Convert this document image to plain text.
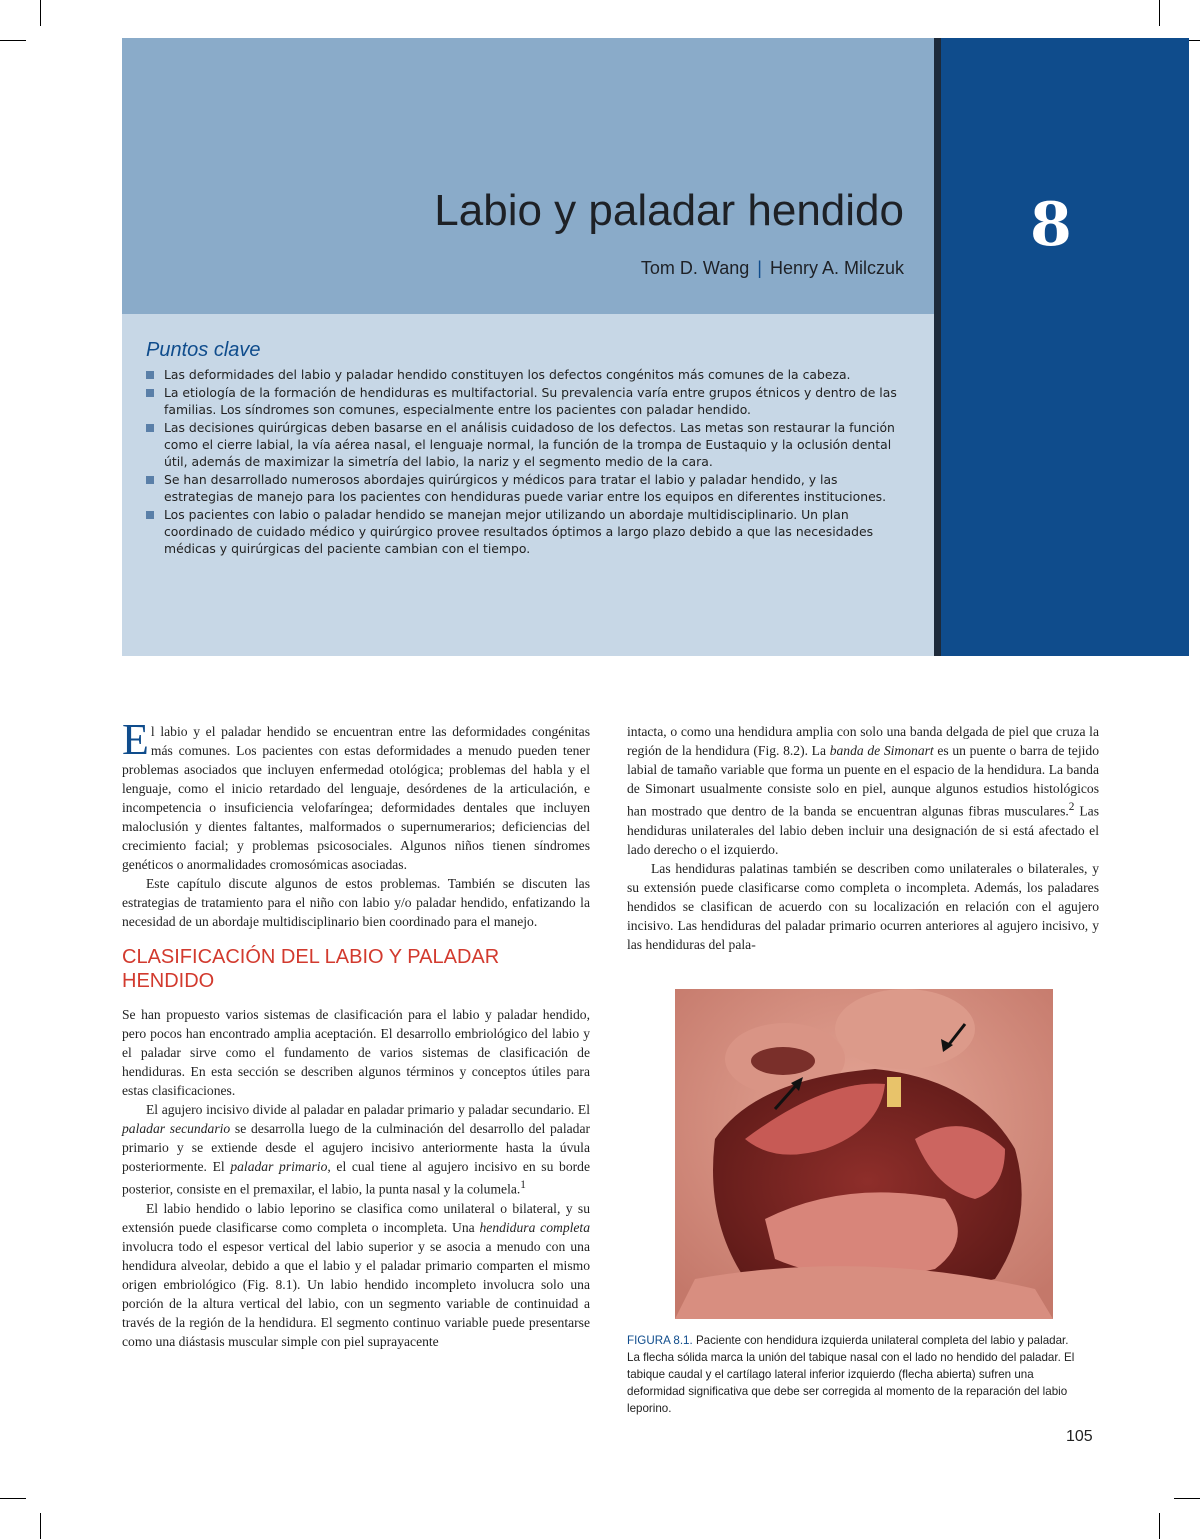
Labio y paladar hendido
Tom D. Wang | Henry A. Milczuk
8
Puntos clave
Las deformidades del labio y paladar hendido constituyen los defectos congénitos más comunes de la cabeza.
La etiología de la formación de hendiduras es multifactorial. Su prevalencia varía entre grupos étnicos y dentro de las familias. Los síndromes son comunes, especialmente entre los pacientes con paladar hendido.
Las decisiones quirúrgicas deben basarse en el análisis cuidadoso de los defectos. Las metas son restaurar la función como el cierre labial, la vía aérea nasal, el lenguaje normal, la función de la trompa de Eustaquio y la oclusión dental útil, además de maximizar la simetría del labio, la nariz y el segmento medio de la cara.
Se han desarrollado numerosos abordajes quirúrgicos y médicos para tratar el labio y paladar hendido, y las estrategias de manejo para los pacientes con hendiduras puede variar entre los equipos en diferentes instituciones.
Los pacientes con labio o paladar hendido se manejan mejor utilizando un abordaje multidisciplinario. Un plan coordinado de cuidado médico y quirúrgico provee resultados óptimos a largo plazo debido a que las necesidades médicas y quirúrgicas del paciente cambian con el tiempo.

El labio y el paladar hendido se encuentran entre las deformidades congénitas más comunes. Los pacientes con estas deformidades a menudo pueden tener problemas asociados que incluyen enfermedad otológica; problemas del habla y el lenguaje, como el inicio retardado del lenguaje, desórdenes de la articulación, e incompetencia o insuficiencia velofaríngea; deformidades dentales que incluyen maloclusión y dientes faltantes, malformados o supernumerarios; deficiencias del crecimiento facial; y problemas psicosociales. Algunos niños tienen síndromes genéticos o anormalidades cromosómicas asociadas.

Este capítulo discute algunos de estos problemas. También se discuten las estrategias de tratamiento para el niño con labio y/o paladar hendido, enfatizando la necesidad de un abordaje multidisciplinario bien coordinado para el manejo.

CLASIFICACIÓN DEL LABIO Y PALADAR
HENDIDO

Se han propuesto varios sistemas de clasificación para el labio y paladar hendido, pero pocos han encontrado amplia aceptación. El desarrollo embriológico del labio y el paladar sirve como el fundamento de varios sistemas de clasificación de hendiduras. En esta sección se describen algunos términos y conceptos útiles para estas clasificaciones.

El agujero incisivo divide al paladar en paladar primario y paladar secundario. El paladar secundario se desarrolla luego de la culminación del desarrollo del paladar primario y se extiende desde el agujero incisivo anteriormente hasta la úvula posteriormente. El paladar primario, el cual tiene al agujero incisivo en su borde posterior, consiste en el premaxilar, el labio, la punta nasal y la columela.$^1$

El labio hendido o labio leporino se clasifica como unilateral o bilateral, y su extensión puede clasificarse como completa o incompleta. Una hendidura completa involucra todo el espesor vertical del labio superior y se asocia a menudo con una hendidura alveolar, debido a que el labio y el paladar primario comparten el mismo origen embriológico (Fig. 8.1). Un labio hendido incompleto involucra solo una porción de la altura vertical del labio, con un segmento variable de continuidad a través de la región de la hendidura. El segmento continuo variable puede presentarse como una diástasis muscular simple con piel suprayacente

intacta, o como una hendidura amplia con solo una banda delgada de piel que cruza la región de la hendidura (Fig. 8.2). La banda de Simonart es un puente o barra de tejido labial de tamaño variable que forma un puente en el espacio de la hendidura. La banda de Simonart usualmente consiste solo en piel, aunque algunos estudios histológicos han mostrado que dentro de la banda se encuentran algunas fibras musculares.$^2$ Las hendiduras unilaterales del labio deben incluir una designación de si está afectado el lado derecho o el izquierdo.

Las hendiduras palatinas también se describen como unilaterales o bilaterales, y su extensión puede clasificarse como completa o incompleta. Además, los paladares hendidos se clasifican de acuerdo con su localización en relación con el agujero incisivo. Las hendiduras del paladar primario ocurren anteriores al agujero incisivo, y las hendiduras del pala-

FIGURA 8.1. Paciente con hendidura izquierda unilateral completa del labio y paladar. La flecha sólida marca la unión del tabique nasal con el lado no hendido del paladar. El tabique caudal y el cartílago lateral inferior izquierdo (flecha abierta) sufren una deformidad significativa que debe ser corregida al momento de la reparación del labio leporino.
105
